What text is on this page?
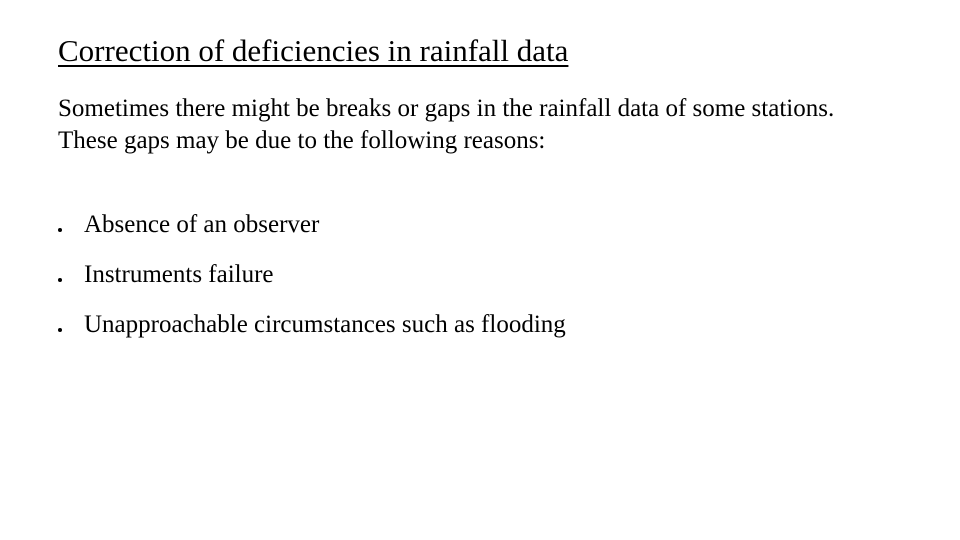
Correction of deficiencies in rainfall data
Sometimes there might be breaks or gaps in the rainfall data of some stations. These gaps may be due to the following reasons:
Absence of an observer
Instruments failure
Unapproachable circumstances such as flooding
